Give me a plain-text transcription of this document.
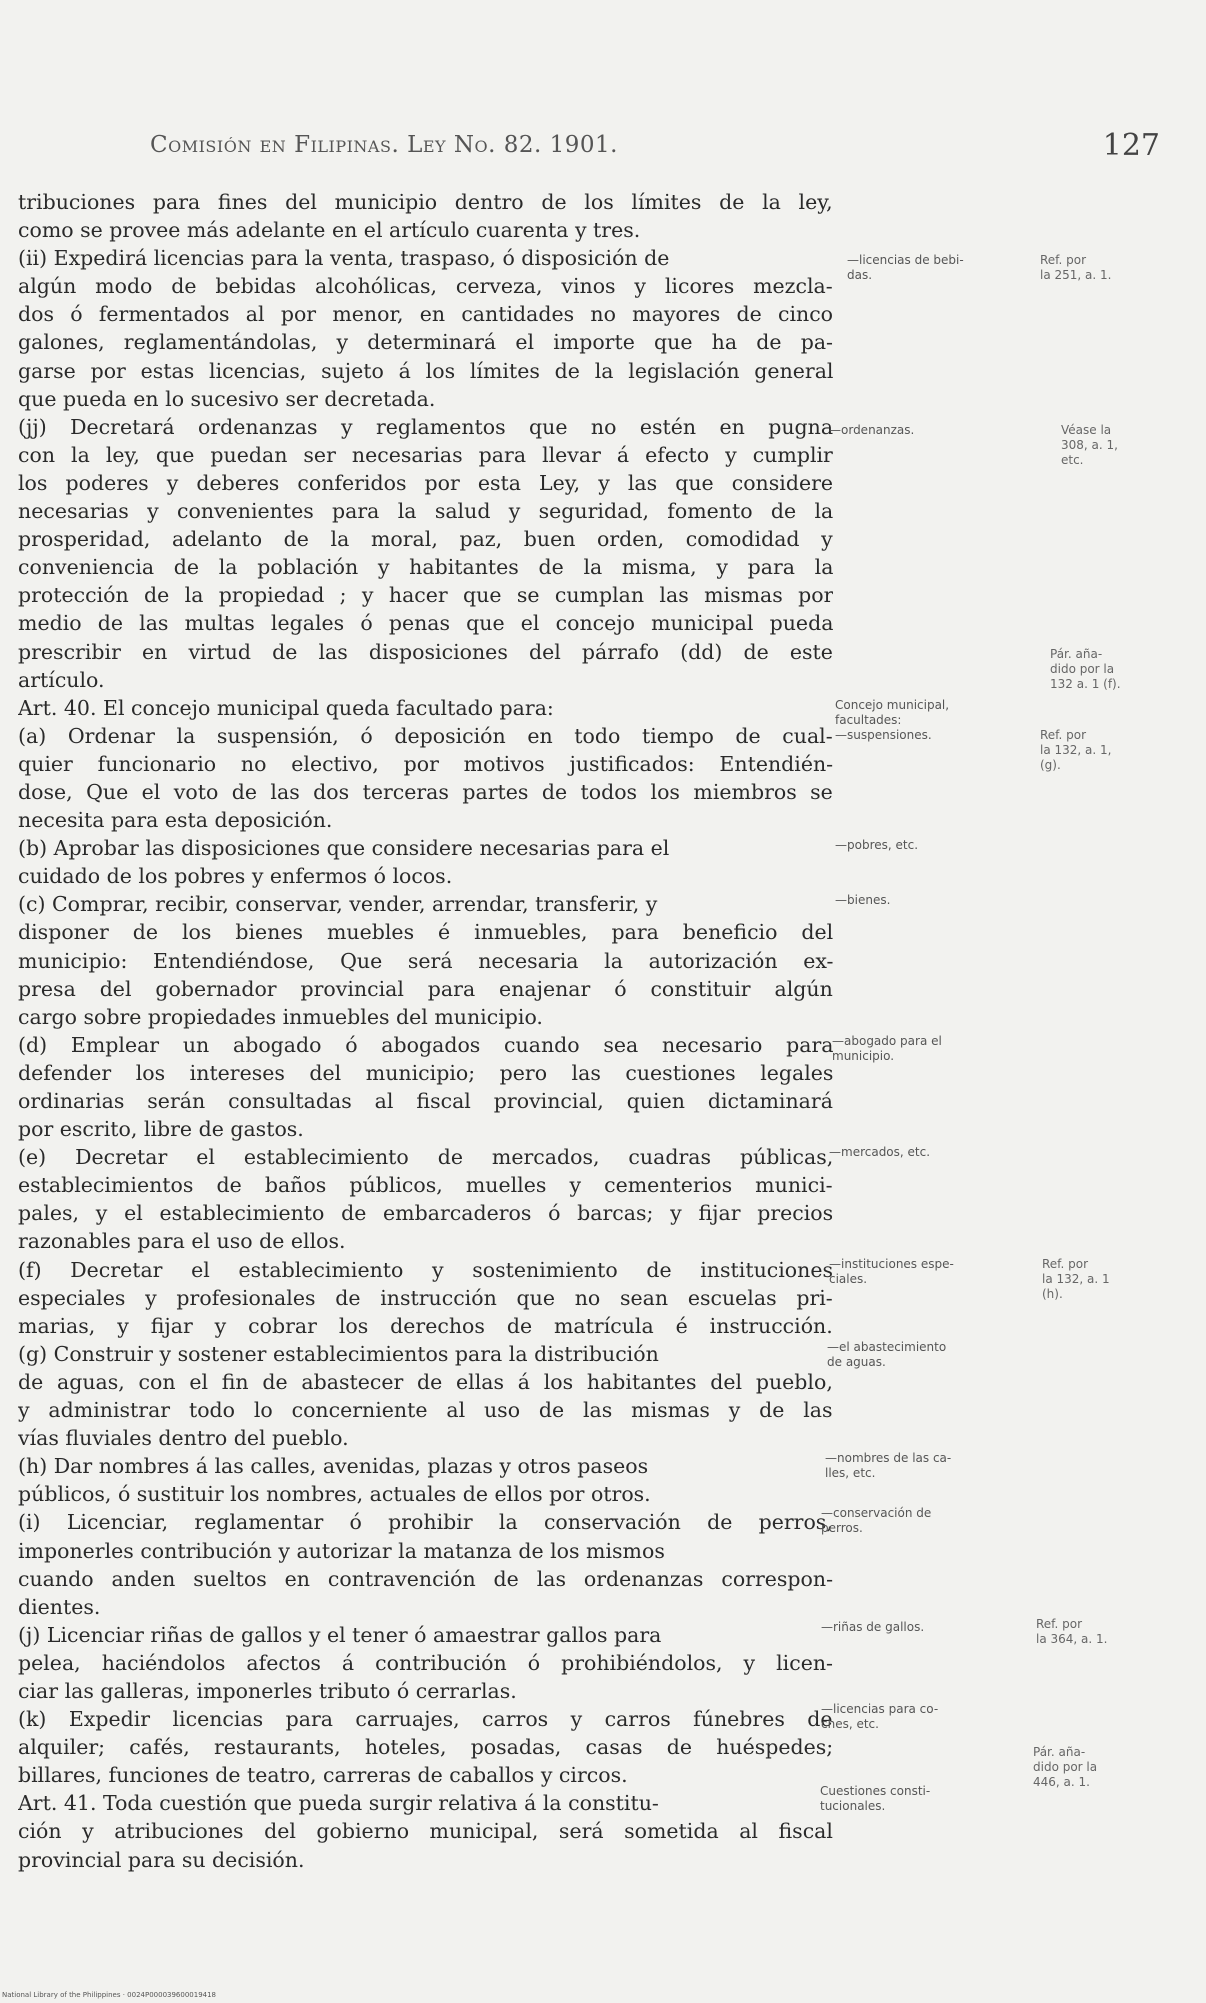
Comisión en Filipinas. Ley No. 82. 1901.	127
tribuciones para fines del municipio dentro de los límites de la ley,
como se provee más adelante en el artículo cuarenta y tres.
(ii) Expedirá licencias para la venta, traspaso, ó disposición de
algún modo de bebidas alcohólicas, cerveza, vinos y licores mezcla-
dos ó fermentados al por menor, en cantidades no mayores de cinco
galones, reglamentándolas, y determinará el importe que ha de pa-
garse por estas licencias, sujeto á los límites de la legislación general
que pueda en lo sucesivo ser decretada.
(jj) Decretará ordenanzas y reglamentos que no estén en pugna
con la ley, que puedan ser necesarias para llevar á efecto y cumplir
los poderes y deberes conferidos por esta Ley, y las que considere
necesarias y convenientes para la salud y seguridad, fomento de la
prosperidad, adelanto de la moral, paz, buen orden, comodidad y
conveniencia de la población y habitantes de la misma, y para la
protección de la propiedad ; y hacer que se cumplan las mismas por
medio de las multas legales ó penas que el concejo municipal pueda
prescribir en virtud de las disposiciones del párrafo (dd) de este
artículo.
Art. 40. El concejo municipal queda facultado para:
(a) Ordenar la suspensión, ó deposición en todo tiempo de cual-
quier funcionario no electivo, por motivos justificados: Entendién-
dose, Que el voto de las dos terceras partes de todos los miembros se
necesita para esta deposición.
(b) Aprobar las disposiciones que considere necesarias para el
cuidado de los pobres y enfermos ó locos.
(c) Comprar, recibir, conservar, vender, arrendar, transferir, y
disponer de los bienes muebles é inmuebles, para beneficio del
municipio: Entendiéndose, Que será necesaria la autorización ex-
presa del gobernador provincial para enajenar ó constituir algún
cargo sobre propiedades inmuebles del municipio.
(d) Emplear un abogado ó abogados cuando sea necesario para
defender los intereses del municipio; pero las cuestiones legales
ordinarias serán consultadas al fiscal provincial, quien dictaminará
por escrito, libre de gastos.
(e) Decretar el establecimiento de mercados, cuadras públicas,
establecimientos de baños públicos, muelles y cementerios munici-
pales, y el establecimiento de embarcaderos ó barcas; y fijar precios
razonables para el uso de ellos.
(f) Decretar el establecimiento y sostenimiento de instituciones
especiales y profesionales de instrucción que no sean escuelas pri-
marias, y fijar y cobrar los derechos de matrícula é instrucción.
(g) Construir y sostener establecimientos para la distribución
de aguas, con el fin de abastecer de ellas á los habitantes del pueblo,
y administrar todo lo concerniente al uso de las mismas y de las
vías fluviales dentro del pueblo.
(h) Dar nombres á las calles, avenidas, plazas y otros paseos
públicos, ó sustituir los nombres, actuales de ellos por otros.
(i) Licenciar, reglamentar ó prohibir la conservación de perros,
imponerles contribución y autorizar la matanza de los mismos
cuando anden sueltos en contravención de las ordenanzas correspon-
dientes.
(j) Licenciar riñas de gallos y el tener ó amaestrar gallos para
pelea, haciéndolos afectos á contribución ó prohibiéndolos, y licen-
ciar las galleras, imponerles tributo ó cerrarlas.
(k) Expedir licencias para carruajes, carros y carros fúnebres de
alquiler; cafés, restaurants, hoteles, posadas, casas de huéspedes;
billares, funciones de teatro, carreras de caballos y circos.
Art. 41. Toda cuestión que pueda surgir relativa á la constitu-
ción y atribuciones del gobierno municipal, será sometida al fiscal
provincial para su decisión.
—licencias de bebi-
das.
—ordenanzas.
Concejo municipal,
facultades:
—suspensiones.
—pobres, etc.
—bienes.
—abogado para el
municipio.
—mercados, etc.
—instituciones espe-
ciales.
—el abastecimiento
de aguas.
—nombres de las ca-
lles, etc.
—conservación de
perros.
—riñas de gallos.
—licencias para co-
ches, etc.
Cuestiones consti-
tucionales.
Ref. por
la 251, a. 1.
Véase la
308, a. 1,
etc.
Pár. aña-
dido por la
132 a. 1 (f).
Ref. por
la 132, a. 1,
(g).
Ref. por
la 132, a. 1
(h).
Ref. por
la 364, a. 1.
Pár. aña-
dido por la
446, a. 1.
National Library of the Philippines · 0024P000039600019418
